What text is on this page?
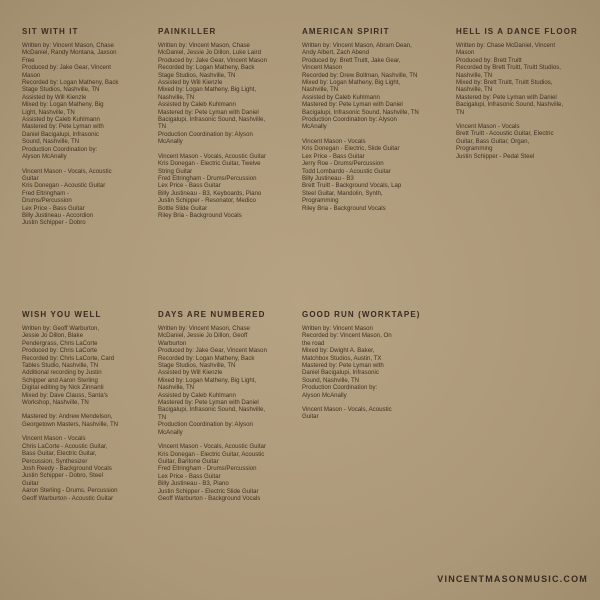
SIT WITH IT
Written by: Vincent Mason, Chase
McDaniel, Randy Montana, Jaxson
Free
Produced by: Jake Gear, Vincent
Mason
Recorded by: Logan Matheny, Back
Stage Studios, Nashville, TN
Assisted by Will Kienzle
Mixed by: Logan Matheny, Big
Light, Nashville, TN
Assisted by Caleb Kuhlmann
Mastered by: Pete Lyman with
Daniel Bacigalupi, Infrasonic
Sound, Nashville, TN
Production Coordination by:
Alyson McAnally
Vincent Mason - Vocals, Acoustic
Guitar
Kris Donegan - Acoustic Guitar
Fred Eltringham -
Drums/Percussion
Lex Price - Bass Guitar
Billy Justineau - Accordion
Justin Schipper - Dobro
PAINKILLER
Written by: Vincent Mason, Chase
McDaniel, Jessie Jo Dillon, Luke Laird
Produced by: Jake Gear, Vincent Mason
Recorded by: Logan Matheny, Back
Stage Studios, Nashville, TN
Assisted by Will Kienzle
Mixed by: Logan Matheny, Big Light,
Nashville, TN
Assisted by Caleb Kuhlmann
Mastered by: Pete Lyman with Daniel
Bacigalupi, Infrasonic Sound, Nashville,
TN
Production Coordination by: Alyson
McAnally
Vincent Mason - Vocals, Acoustic Guitar
Kris Donegan - Electric Guitar, Twelve
String Guitar
Fred Eltringham - Drums/Percussion
Lex Price - Bass Guitar
Billy Justineau - B3, Keyboards, Piano
Justin Schipper - Resonator, Medico
Bottle Slide Guitar
Riley Bria - Background Vocals
AMERICAN SPIRIT
Written by: Vincent Mason, Abram Dean,
Andy Albert, Zach Abend
Produced by: Brett Truitt, Jake Gear,
Vincent Mason
Recorded by: Drew Bollman, Nashville, TN
Mixed by: Logan Matheny, Big Light,
Nashville, TN
Assisted by Caleb Kuhlmann
Mastered by: Pete Lyman with Daniel
Bacigalupi, Infrasonic Sound, Nashville, TN
Production Coordination by: Alyson
McAnally
Vincent Mason - Vocals
Kris Donegan - Electric, Slide Guitar
Lex Price - Bass Guitar
Jerry Roe - Drums/Percussion
Todd Lombardo - Acoustic Guitar
Billy Justineau - B3
Brett Truitt - Background Vocals, Lap
Steel Guitar, Mandolin, Synth,
Programming
Riley Bria - Background Vocals
HELL IS A DANCE FLOOR
Written by: Chase McDaniel, Vincent
Mason
Produced by: Brett Truitt
Recorded by Brett Truitt, Truitt Studios,
Nashville, TN
Mixed by: Brett Truitt, Truitt Studios,
Nashville, TN
Mastered by: Pete Lyman with Daniel
Bacigalupi, Infrasonic Sound, Nashville,
TN
Vincent Mason - Vocals
Brett Truitt - Acoustic Guitar, Electric
Guitar, Bass Guitar, Organ,
Programming
Justin Schipper - Pedal Steel
WISH YOU WELL
Written by: Geoff Warburton,
Jessie Jo Dillon, Blake
Pendergrass, Chris LaCorte
Produced by: Chris LaCorte
Recorded by: Chris LaCorte, Card
Tables Studio, Nashville, TN
Additional recording by Justin
Schipper and Aaron Sterling
Digital editing by Nick Zinnanti
Mixed by: Dave Clauss, Santa's
Workshop, Nashville, TN
Mastered by: Andrew Mendelson,
Georgetown Masters, Nashville, TN
Vincent Mason - Vocals
Chris LaCorte - Acoustic Guitar,
Bass Guitar, Electric Guitar,
Percussion, Synthesizer
Josh Reedy - Background Vocals
Justin Schipper - Dobro, Steel
Guitar
Aaron Sterling - Drums, Percussion
Geoff Warburton - Acoustic Guitar
DAYS ARE NUMBERED
Written by: Vincent Mason, Chase
McDaniel, Jessie Jo Dillon, Geoff
Warburton
Produced by: Jake Gear, Vincent Mason
Recorded by: Logan Matheny, Back
Stage Studios, Nashville, TN
Assisted by Will Kienzle
Mixed by: Logan Matheny, Big Light,
Nashville, TN
Assisted by Caleb Kuhlmann
Mastered by: Pete Lyman with Daniel
Bacigalupi, Infrasonic Sound, Nashville,
TN
Production Coordination by: Alyson
McAnally
Vincent Mason - Vocals, Acoustic Guitar
Kris Donegan - Electric Guitar, Acoustic
Guitar, Baritone Guitar
Fred Eltringham - Drums/Percussion
Lex Price - Bass Guitar
Billy Justineau - B3, Piano
Justin Schipper - Electric Slide Guitar
Geoff Warburton - Background Vocals
GOOD RUN (WORKTAPE)
Written by: Vincent Mason
Recorded by: Vincent Mason, On
the road
Mixed by: Dwight A. Baker,
Matchbox Studios, Austin, TX
Mastered by: Pete Lyman with
Daniel Bacigalupi, Infrasonic
Sound, Nashville, TN
Production Coordination by:
Alyson McAnally
Vincent Mason - Vocals, Acoustic
Guitar
VINCENTMASONMUSIC.COM
